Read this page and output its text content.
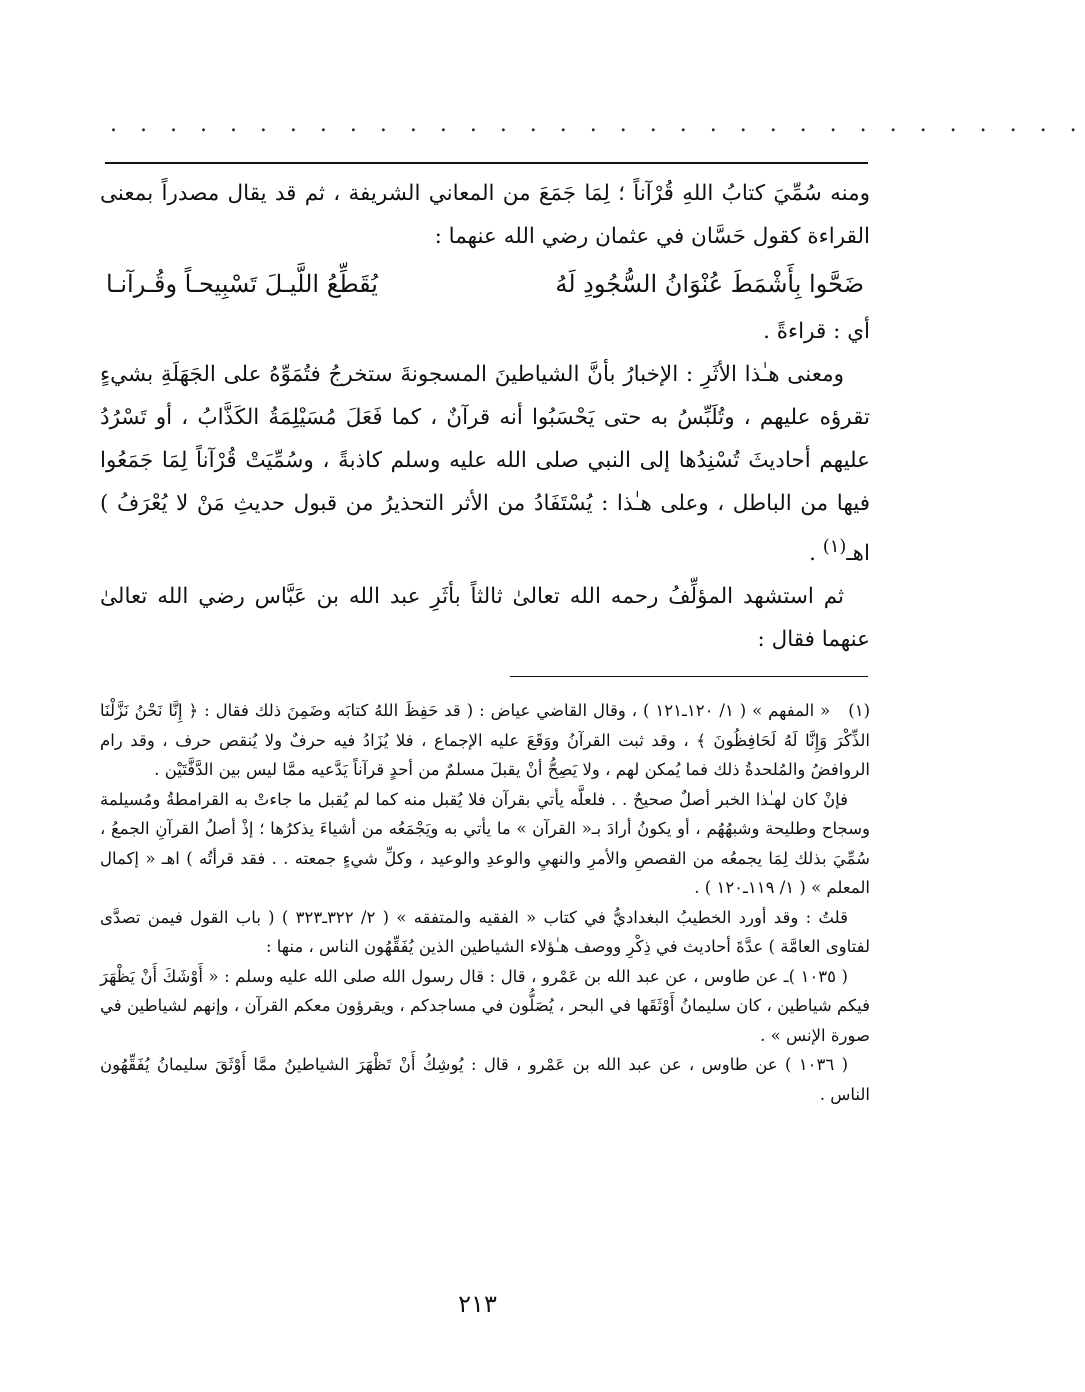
. . . . . . . . . . . . . . . . . . . . . . . . . . . . . . . . .

ومنه سُمِّيَ كتابُ اللهِ قُرْآناً ؛ لِمَا جَمَعَ من المعاني الشريفة ، ثم قد يقال مصدراً بمعنى القراءة كقول حَسَّان في عثمان رضي الله عنهما :

ضَحَّوا بِأَشْمَطَ عُنْوَانُ السُّجُودِ لَهُ
يُقَطِّعُ اللَّيـلَ تَسْبِيحـاً وقُـرآنـا

أي : قراءةً .

ومعنى هـٰذا الأثَرِ : الإخبارُ بأنَّ الشياطينَ المسجونةَ ستخرجُ فتُمَوِّهُ على الجَهَلَةِ بشيءٍ تقرؤه عليهم ، وتُلَبِّسُ به حتى يَحْسَبُوا أنه قرآنٌ ، كما فَعَلَ مُسَيْلِمَةُ الكَذَّابُ ، أو تَسْرُدُ عليهم أحاديثَ تُسْنِدُها إلى النبي صلى الله عليه وسلم كاذبةً ، وسُمِّيَتْ قُرْآناً لِمَا جَمَعُوا فيها من الباطل ، وعلى هـٰذا : يُسْتَفَادُ من الأثر التحذيرُ من قبول حديثِ مَنْ لا يُعْرَفُ ) اهـ$^{(١)}$ .

ثم استشهد المؤلِّفُ رحمه الله تعالىٰ ثالثاً بأثَرِ عبد الله بن عَبَّاس رضي الله تعالىٰ عنهما فقال :

(١)« المفهم » ( ١/ ١٢٠ـ١٢١ ) ، وقال القاضي عياض : ( قد حَفِظَ اللهُ كتابَه وضَمِنَ ذلك فقال : ﴿ إِنَّا نَحْنُ نَزَّلْنَا الذِّكْرَ وَإِنَّا لَهُ لَحَافِظُونَ ﴾ ، وقد ثبت القرآنُ ووَقَعَ عليه الإجماع ، فلا يُزَادُ فيه حرفٌ ولا يُنقص حرف ، وقد رام الروافضُ والمُلحدةُ ذلك فما يُمكن لهم ، ولا يَصِحُّ أنْ يقبلَ مسلمٌ من أحدٍ قرآناً يَدَّعيه ممَّا ليس بين الدَّفَّتَيْن .

فإنْ كان لهـٰذا الخبر أصلٌ صحيحٌ . . فلعلَّه يأتي بقرآن فلا يُقبل منه كما لم يُقبل ما جاءتْ به القرامطةُ ومُسيلمة وسجاح وطليحة وشبهُهُم ، أو يكونُ أرادَ بـ« القرآن » ما يأتي به ويَجْمَعُه من أشياءَ يذكرُها ؛ إذْ أصلُ القرآنِ الجمعُ ، سُمِّيَ بذلك لِمَا يجمعُه من القصصِ والأمرِ والنهيِ والوعدِ والوعيد ، وكلِّ شيءٍ جمعته . . فقد قرأتُه ) اهـ « إكمال المعلم » ( ١/ ١١٩ـ١٢٠ ) .

قلتُ : وقد أورد الخطيبُ البغداديُّ في كتاب « الفقيه والمتفقه » ( ٢/ ٣٢٢ـ٣٢٣ ) ( باب القول فيمن تصدَّى لفتاوى العامَّة ) عدَّةَ أحاديث في ذِكْرِ ووصف هـٰؤلاء الشياطين الذين يُفَقِّهُون الناس ، منها :

( ١٠٣٥ )ـ عن طاوس ، عن عبد الله بن عَمْرو ، قال : قال رسول الله صلى الله عليه وسلم : « أَوْشَكَ أَنْ يَظْهَرَ فيكم شياطين ، كان سليمانُ أَوْثَقَها في البحر ، يُصَلُّون في مساجدكم ، ويقرؤون معكم القرآن ، وإنهم لشياطين في صورة الإنس » .

( ١٠٣٦ ) عن طاوس ، عن عبد الله بن عَمْرو ، قال : يُوشِكُ أَنْ تَظْهَرَ الشياطينُ ممَّا أَوْثَقَ سليمانُ يُفَقِّهُون الناس .

٢١٣
